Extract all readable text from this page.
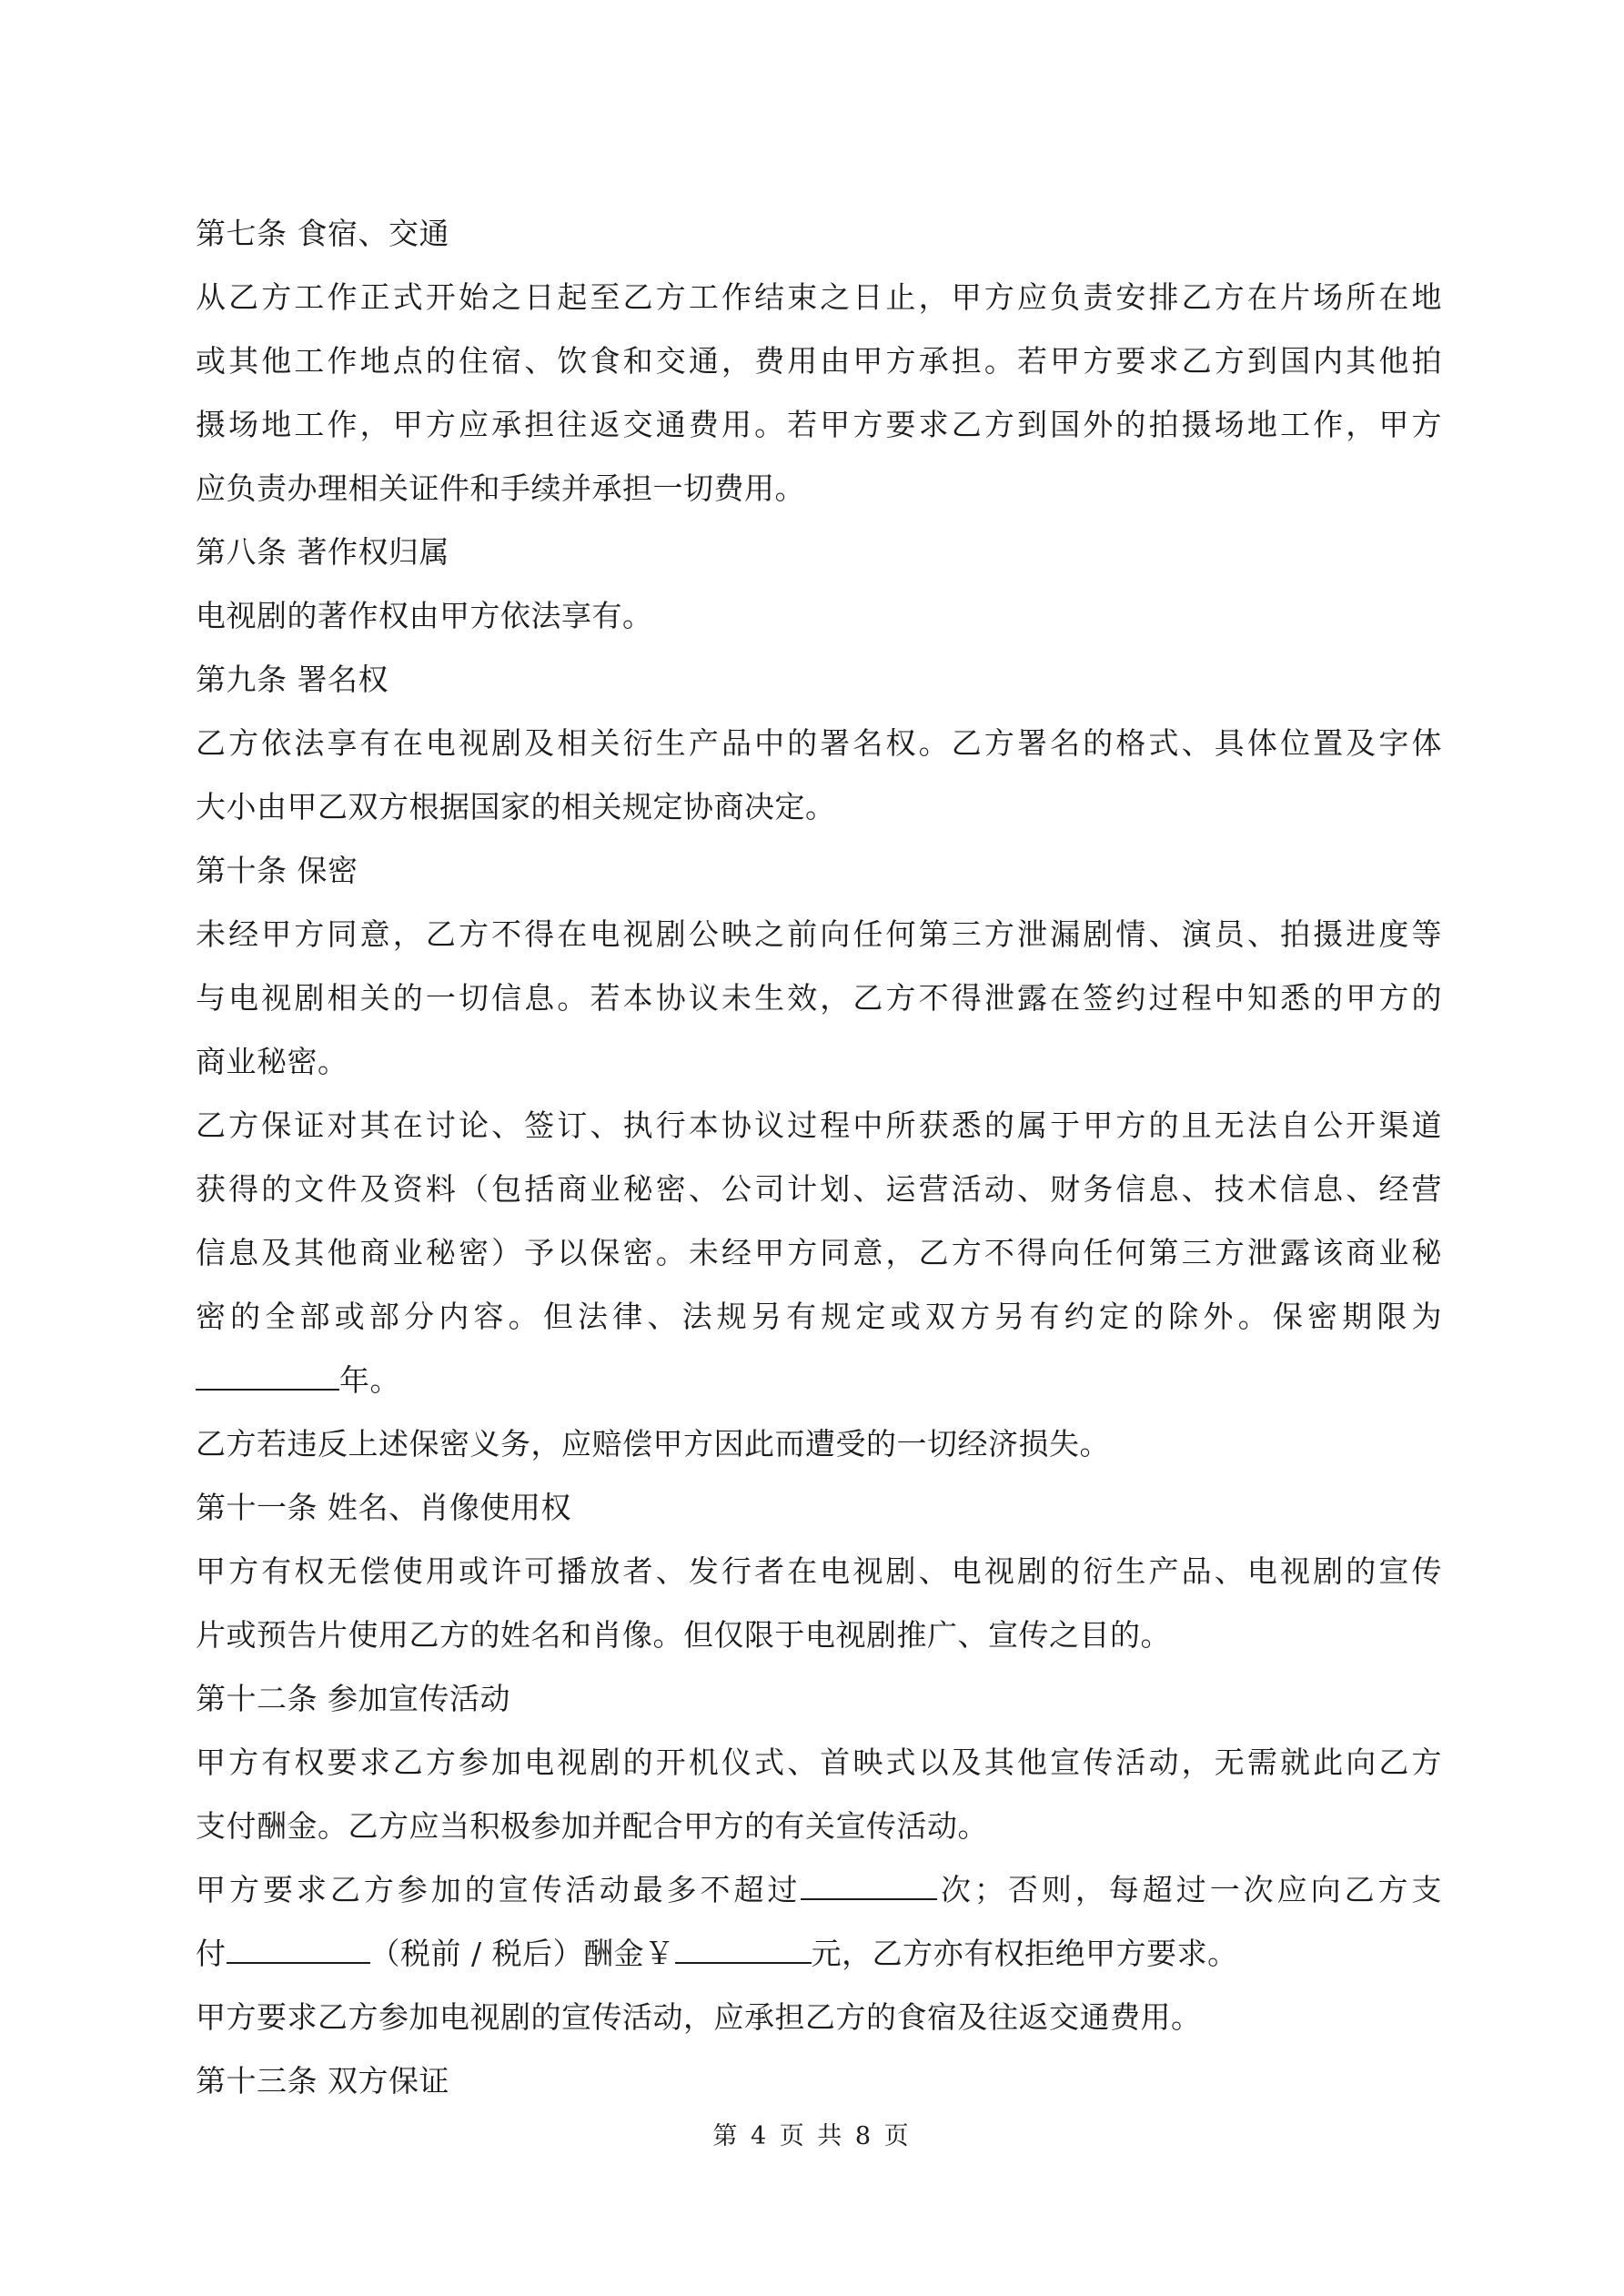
第七条 食宿、交通
从乙方工作正式开始之日起至乙方工作结束之日止，甲方应负责安排乙方在片场所在地
或其他工作地点的住宿、饮食和交通，费用由甲方承担。若甲方要求乙方到国内其他拍
摄场地工作，甲方应承担往返交通费用。若甲方要求乙方到国外的拍摄场地工作，甲方
应负责办理相关证件和手续并承担一切费用。
第八条 著作权归属
电视剧的著作权由甲方依法享有。
第九条 署名权
乙方依法享有在电视剧及相关衍生产品中的署名权。乙方署名的格式、具体位置及字体
大小由甲乙双方根据国家的相关规定协商决定。
第十条 保密
未经甲方同意，乙方不得在电视剧公映之前向任何第三方泄漏剧情、演员、拍摄进度等
与电视剧相关的一切信息。若本协议未生效，乙方不得泄露在签约过程中知悉的甲方的
商业秘密。
乙方保证对其在讨论、签订、执行本协议过程中所获悉的属于甲方的且无法自公开渠道
获得的文件及资料（包括商业秘密、公司计划、运营活动、财务信息、技术信息、经营
信息及其他商业秘密）予以保密。未经甲方同意，乙方不得向任何第三方泄露该商业秘
密的全部或部分内容。但法律、法规另有规定或双方另有约定的除外。保密期限为
年。
乙方若违反上述保密义务，应赔偿甲方因此而遭受的一切经济损失。
第十一条 姓名、肖像使用权
甲方有权无偿使用或许可播放者、发行者在电视剧、电视剧的衍生产品、电视剧的宣传
片或预告片使用乙方的姓名和肖像。但仅限于电视剧推广、宣传之目的。
第十二条 参加宣传活动
甲方有权要求乙方参加电视剧的开机仪式、首映式以及其他宣传活动，无需就此向乙方
支付酬金。乙方应当积极参加并配合甲方的有关宣传活动。
甲方要求乙方参加的宣传活动最多不超过	次；否则，每超过一次应向乙方支
付	（税前 / 税后）酬金￥	元，乙方亦有权拒绝甲方要求。
甲方要求乙方参加电视剧的宣传活动，应承担乙方的食宿及往返交通费用。
第十三条 双方保证
第 4 页 共 8 页
